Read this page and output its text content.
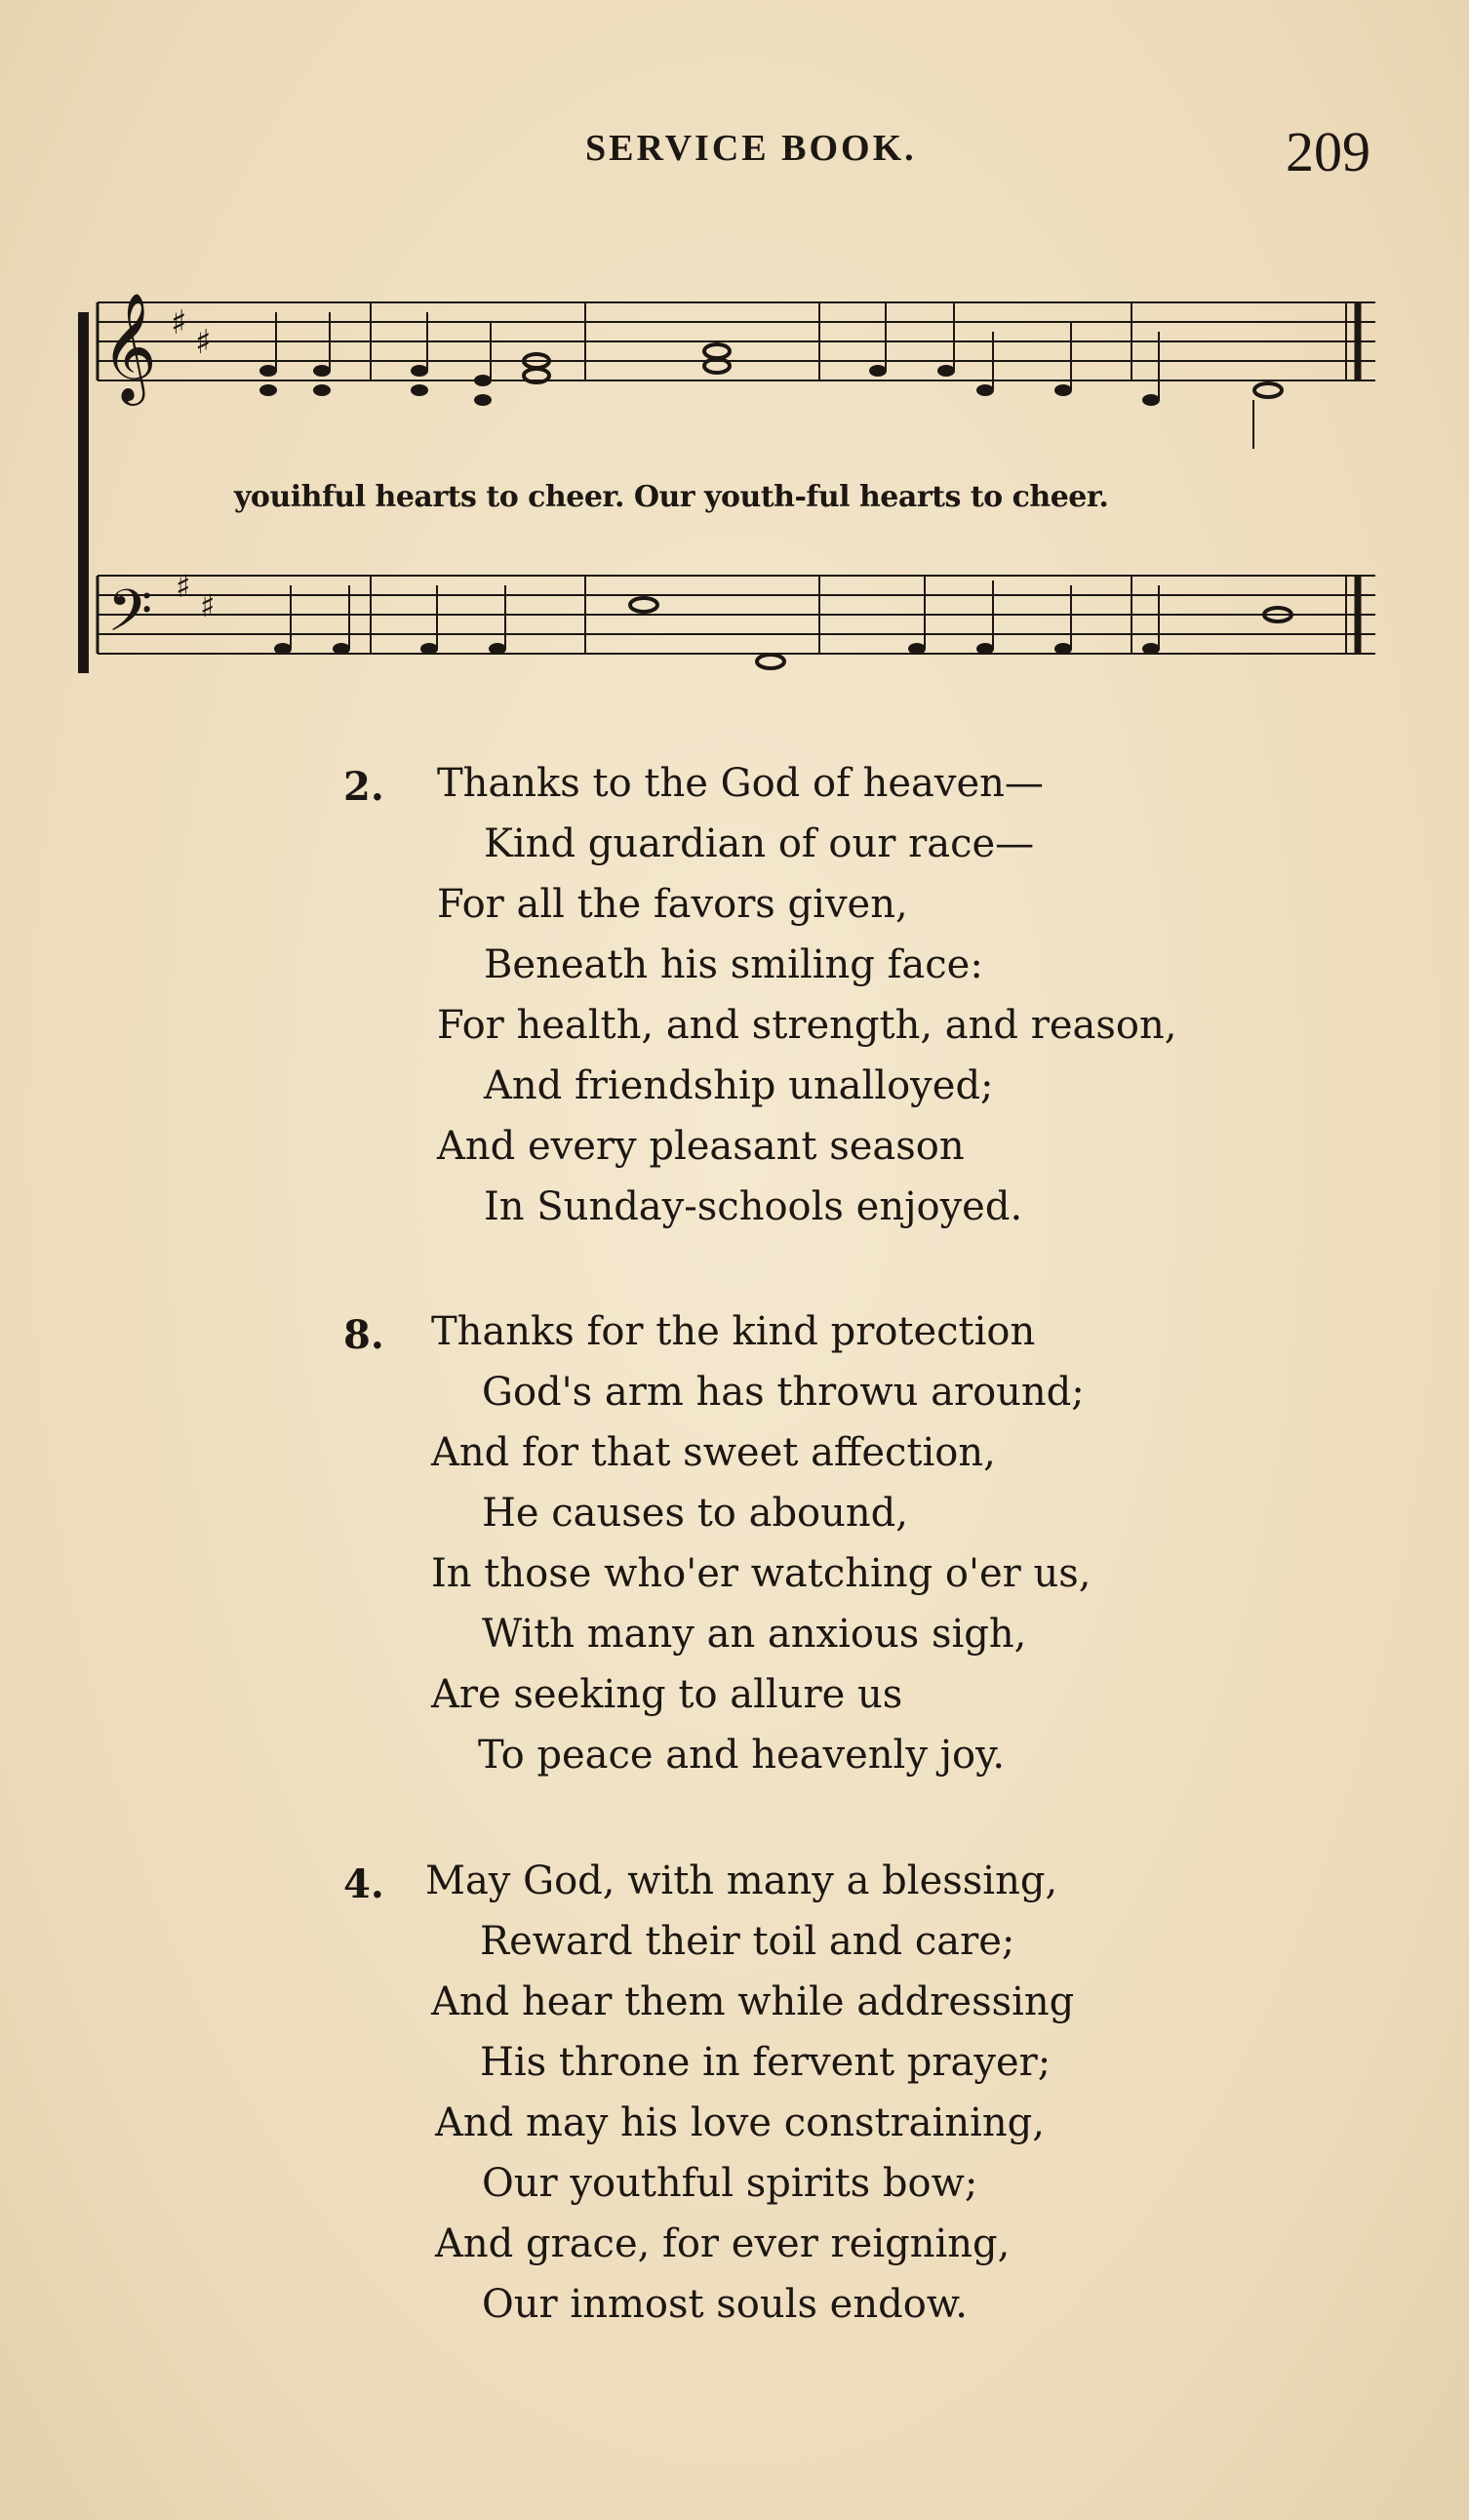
SERVICE BOOK.	209
𝄞 ♯ ♯
youihful hearts to cheer. Our youth-ful hearts to cheer.
𝄢 ♯
♯
2. Thanks to the God of heaven—
Kind guardian of our race—
For all the favors given,
Beneath his smiling face:
For health, and strength, and reason,
And friendship unalloyed;
And every pleasant season
In Sunday-schools enjoyed.
8. Thanks for the kind protection
God's arm has throwu around;
And for that sweet affection,
He causes to abound,
In those who'er watching o'er us,
With many an anxious sigh,
Are seeking to allure us
To peace and heavenly joy.
4. May God, with many a blessing,
Reward their toil and care;
And hear them while addressing
His throne in fervent prayer;
And may his love constraining,
Our youthful spirits bow;
And grace, for ever reigning,
Our inmost souls endow.
